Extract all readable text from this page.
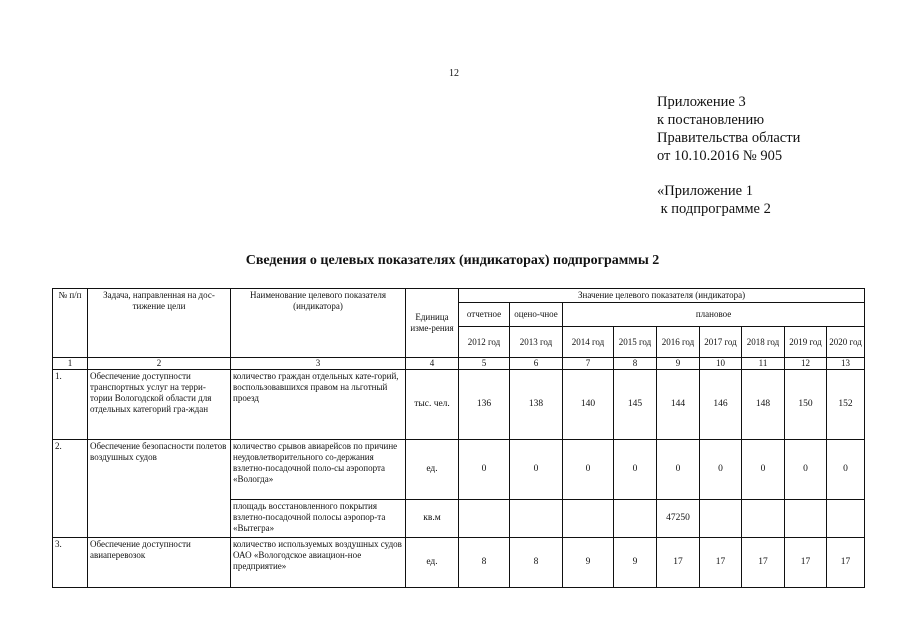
12
Приложение 3
к постановлению
Правительства области
от 10.10.2016 № 905
«Приложение 1
к подпрограмме 2
Сведения о целевых показателях (индикаторах) подпрограммы 2
№ п/п	Задача, направленная на дос-тижение цели	Наименование целевого показателя (индикатора)	Единица изме-рения	Значение целевого показателя (индикатора)								
				отчетное	оцено-чное	плановое						
				2012 год	2013 год	2014 год	2015 год	2016 год	2017 год	2018 год	2019 год	2020 год
1	2	3	4	5	6	7	8	9	10	11	12	13
1.	Обеспечение доступности транспортных услуг на терри-тории Вологодской области для отдельных категорий гра-ждан	количество граждан отдельных кате-горий, воспользовавшихся правом на льготный проезд	тыс. чел.	136	138	140	145	144	146	148	150	152
2.	Обеспечение безопасности полетов воздушных судов	количество срывов авиарейсов по причине неудовлетворительного со-держания взлетно-посадочной поло-сы аэропорта «Вологда»	ед.	0	0	0	0	0	0	0	0	0
		площадь восстановленного покрытия взлетно-посадочной полосы аэропор-та «Вытегра»	кв.м					47250				
3.	Обеспечение доступности авиаперевозок	количество используемых воздушных судов ОАО «Вологодское авиацион-ное предприятие»	ед.	8	8	9	9	17	17	17	17	17
